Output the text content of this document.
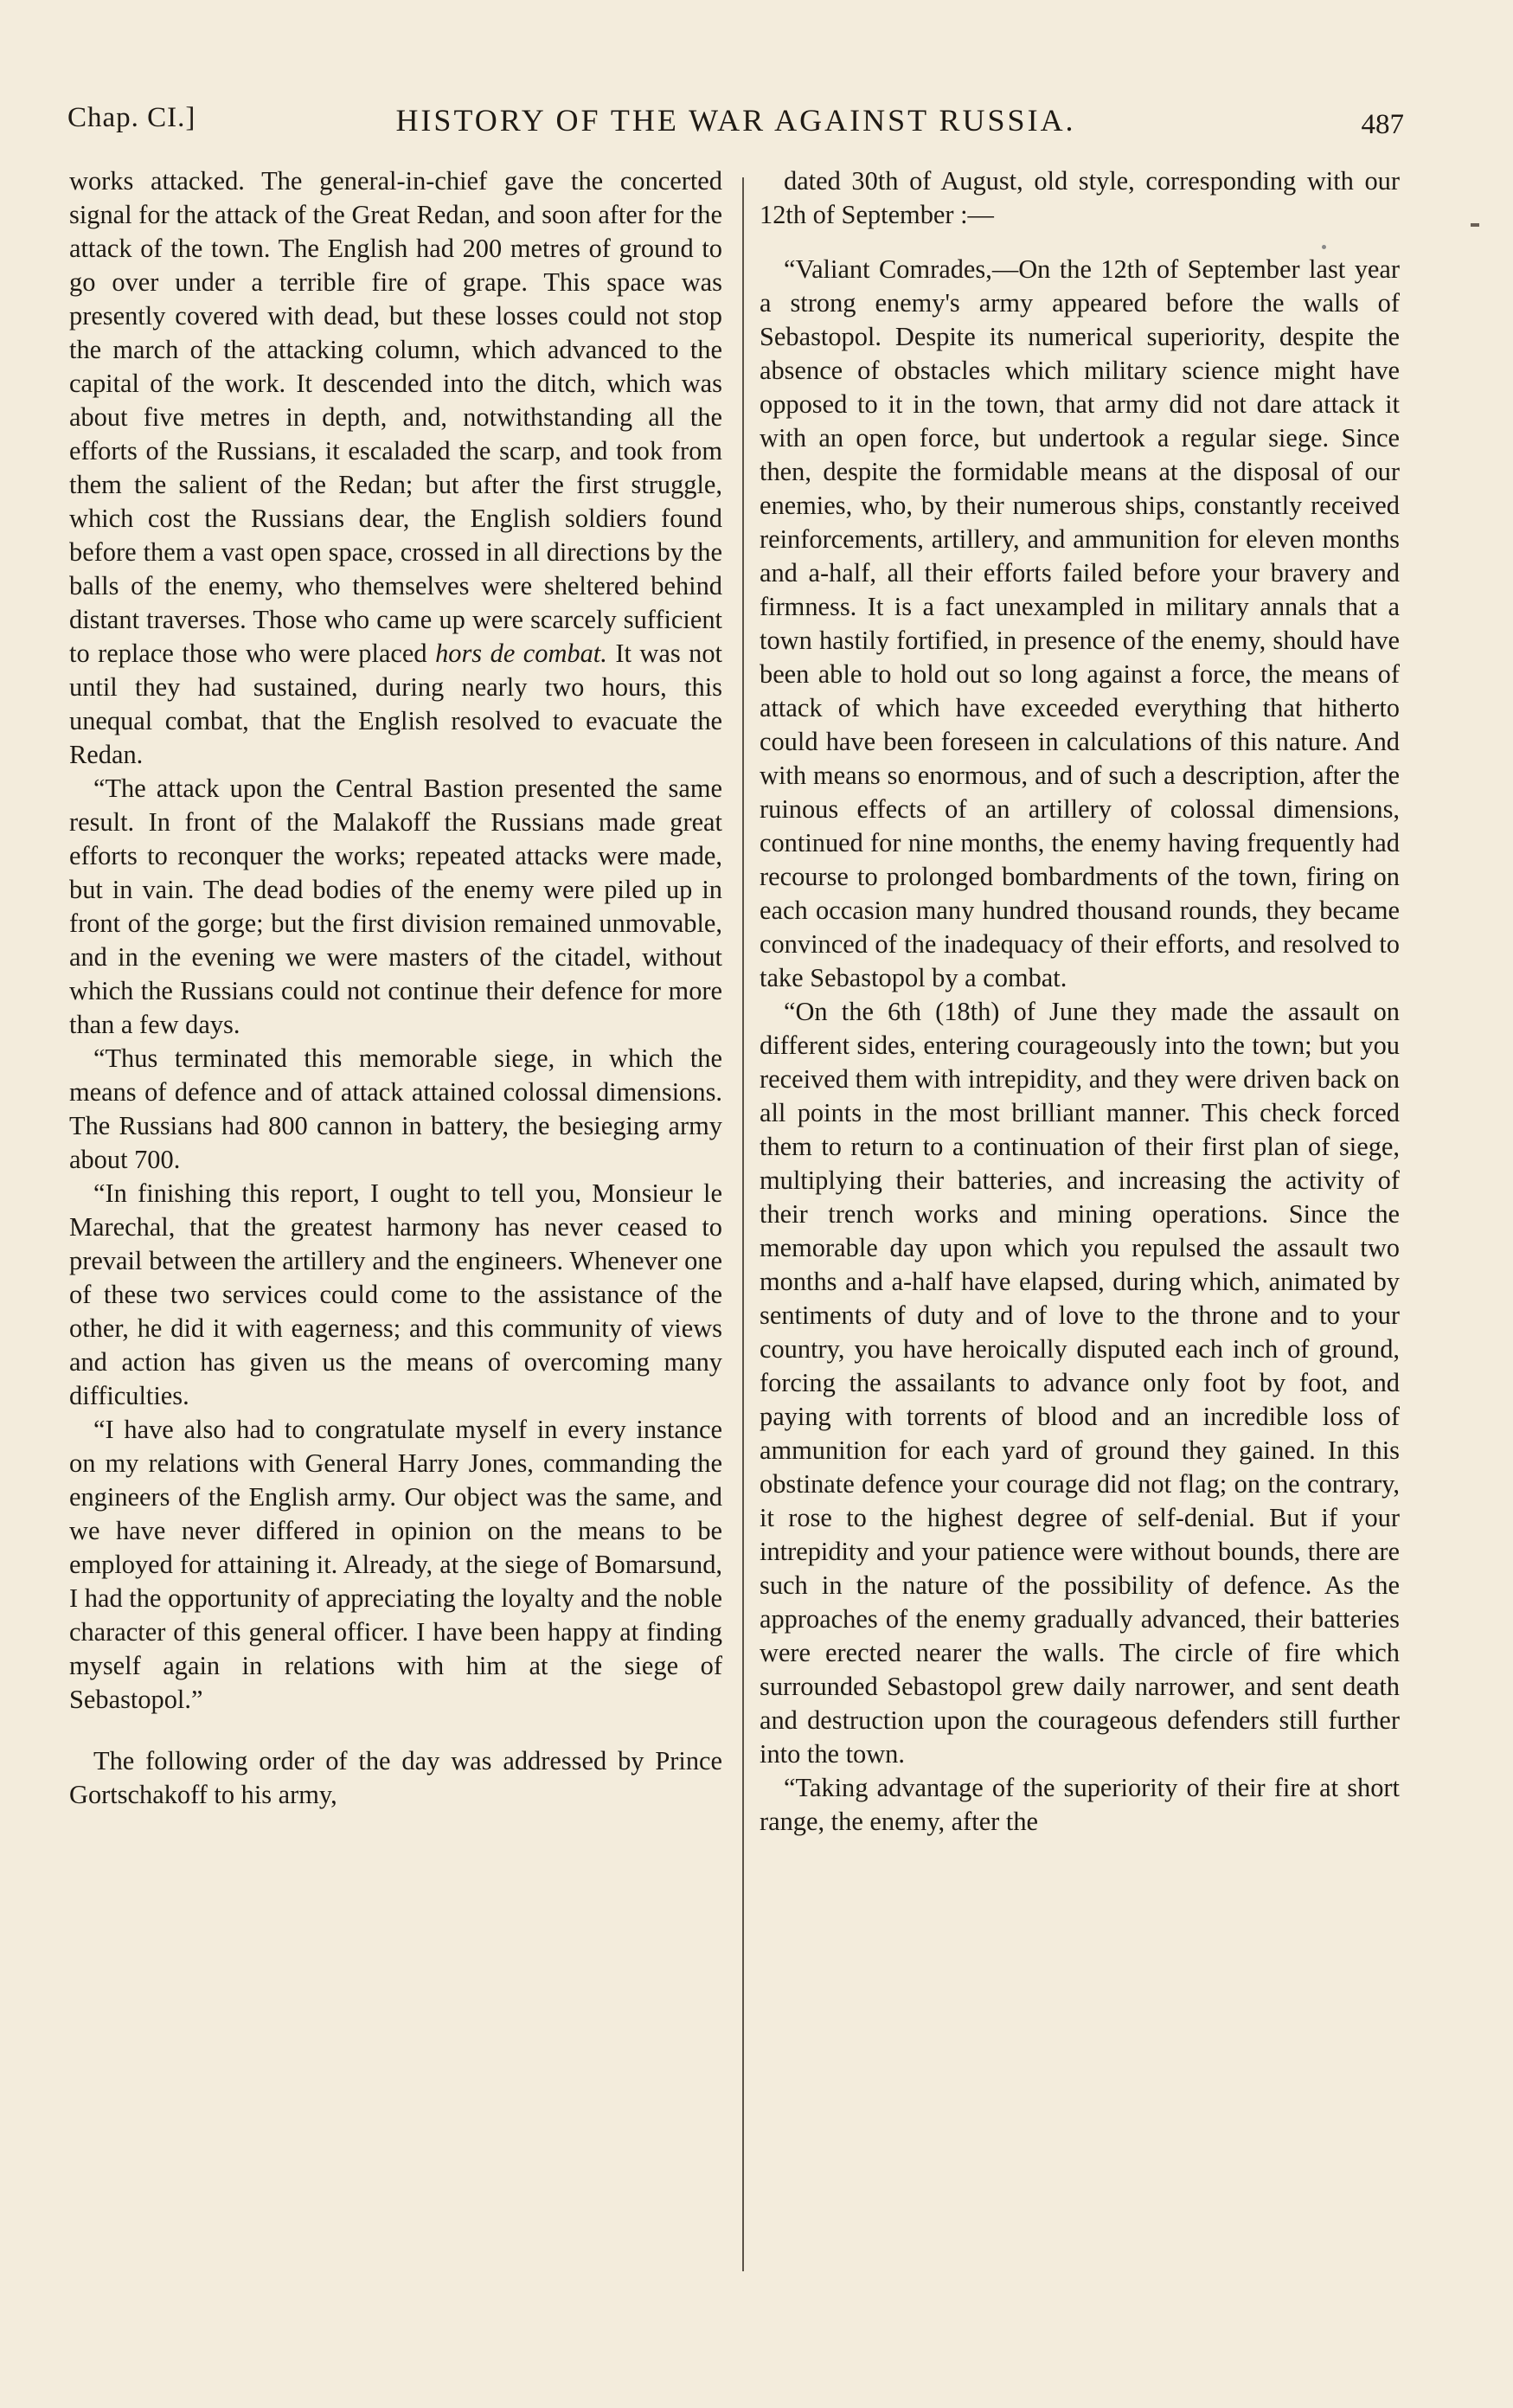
Chap. CI.]	HISTORY OF THE WAR AGAINST RUSSIA.	487

works attacked. The general-in-chief gave the concerted signal for the attack of the Great Redan, and soon after for the attack of the town. The English had 200 metres of ground to go over under a terrible fire of grape. This space was presently covered with dead, but these losses could not stop the march of the attacking column, which advanced to the capital of the work. It descended into the ditch, which was about five metres in depth, and, notwithstanding all the efforts of the Russians, it escaladed the scarp, and took from them the salient of the Redan; but after the first struggle, which cost the Russians dear, the English soldiers found before them a vast open space, crossed in all directions by the balls of the enemy, who themselves were sheltered behind distant traverses. Those who came up were scarcely sufficient to replace those who were placed hors de combat. It was not until they had sustained, during nearly two hours, this unequal combat, that the English resolved to evacuate the Redan.

“The attack upon the Central Bastion presented the same result. In front of the Malakoff the Russians made great efforts to reconquer the works; repeated attacks were made, but in vain. The dead bodies of the enemy were piled up in front of the gorge; but the first division remained unmovable, and in the evening we were masters of the citadel, without which the Russians could not continue their defence for more than a few days.

“Thus terminated this memorable siege, in which the means of defence and of attack attained colossal dimensions. The Russians had 800 cannon in battery, the besieging army about 700.

“In finishing this report, I ought to tell you, Monsieur le Marechal, that the greatest harmony has never ceased to prevail between the artillery and the engineers. Whenever one of these two services could come to the assistance of the other, he did it with eagerness; and this community of views and action has given us the means of overcoming many difficulties.

“I have also had to congratulate myself in every instance on my relations with General Harry Jones, commanding the engineers of the English army. Our object was the same, and we have never differed in opinion on the means to be employed for attaining it. Already, at the siege of Bomarsund, I had the opportunity of appreciating the loyalty and the noble character of this general officer. I have been happy at finding myself again in relations with him at the siege of Sebastopol.”

The following order of the day was addressed by Prince Gortschakoff to his army,

dated 30th of August, old style, corresponding with our 12th of September :—

“Valiant Comrades,—On the 12th of September last year a strong enemy's army appeared before the walls of Sebastopol. Despite its numerical superiority, despite the absence of obstacles which military science might have opposed to it in the town, that army did not dare attack it with an open force, but undertook a regular siege. Since then, despite the formidable means at the disposal of our enemies, who, by their numerous ships, constantly received reinforcements, artillery, and ammunition for eleven months and a-half, all their efforts failed before your bravery and firmness. It is a fact unexampled in military annals that a town hastily fortified, in presence of the enemy, should have been able to hold out so long against a force, the means of attack of which have exceeded everything that hitherto could have been foreseen in calculations of this nature. And with means so enormous, and of such a description, after the ruinous effects of an artillery of colossal dimensions, continued for nine months, the enemy having frequently had recourse to prolonged bombardments of the town, firing on each occasion many hundred thousand rounds, they became convinced of the inadequacy of their efforts, and resolved to take Sebastopol by a combat.

“On the 6th (18th) of June they made the assault on different sides, entering courageously into the town; but you received them with intrepidity, and they were driven back on all points in the most brilliant manner. This check forced them to return to a continuation of their first plan of siege, multiplying their batteries, and increasing the activity of their trench works and mining operations. Since the memorable day upon which you repulsed the assault two months and a-half have elapsed, during which, animated by sentiments of duty and of love to the throne and to your country, you have heroically disputed each inch of ground, forcing the assailants to advance only foot by foot, and paying with torrents of blood and an incredible loss of ammunition for each yard of ground they gained. In this obstinate defence your courage did not flag; on the contrary, it rose to the highest degree of self-denial. But if your intrepidity and your patience were without bounds, there are such in the nature of the possibility of defence. As the approaches of the enemy gradually advanced, their batteries were erected nearer the walls. The circle of fire which surrounded Sebastopol grew daily narrower, and sent death and destruction upon the courageous defenders still further into the town.

“Taking advantage of the superiority of their fire at short range, the enemy, after the
